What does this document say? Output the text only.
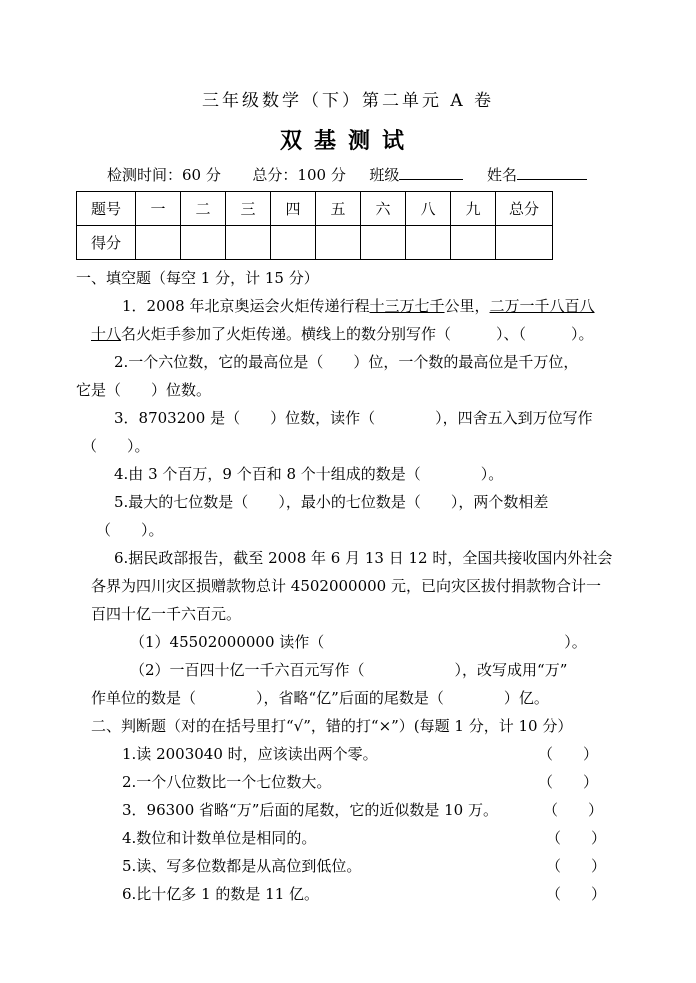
三年级数学（下）第二单元 A 卷
双基测试
检测时间：60 分 总分：100 分 班级	姓名
题号	一	二	三	四	五	六	八	九	总分
得分									
一、填空题（每空 1 分，计 15 分）
1．2008 年北京奥运会火炬传递行程十三万七千公里，二万一千八百八
十八名火炬手参加了火炬传递。横线上的数分别写作（　　　）、（　　　）。
2.一个六位数，它的最高位是（　　）位，一个数的最高位是千万位，
它是（　　）位数。
3．8703200 是（　　）位数，读作（　　　　），四舍五入到万位写作
（　　）。
4.由 3 个百万，9 个百和 8 个十组成的数是（　　　　）。
5.最大的七位数是（　　），最小的七位数是（　　），两个数相差
（　　）。
6.据民政部报告，截至 2008 年 6 月 13 日 12 时，全国共接收国内外社会
各界为四川灾区损赠款物总计 4502000000 元，已向灾区拔付捐款物合计一
百四十亿一千六百元。
（1）45502000000 读作（　　　　　　　　　　　　　　　　）。
（2）一百四十亿一千六百元写作（　　　　　　），改写成用“万”
作单位的数是（　　　　），省略“亿”后面的尾数是（　　　　）亿。
二、判断题（对的在括号里打“√”，错的打“×”）(每题 1 分，计 10 分）
1.读 2003040 时，应该读出两个零。	（　　）
2.一个八位数比一个七位数大。	（　　）
3．96300 省略“万”后面的尾数，它的近似数是 10 万。	（　　）
4.数位和计数单位是相同的。	（　　）
5.读、写多位数都是从高位到低位。	（　　）
6.比十亿多 1 的数是 11 亿。	（　　）
